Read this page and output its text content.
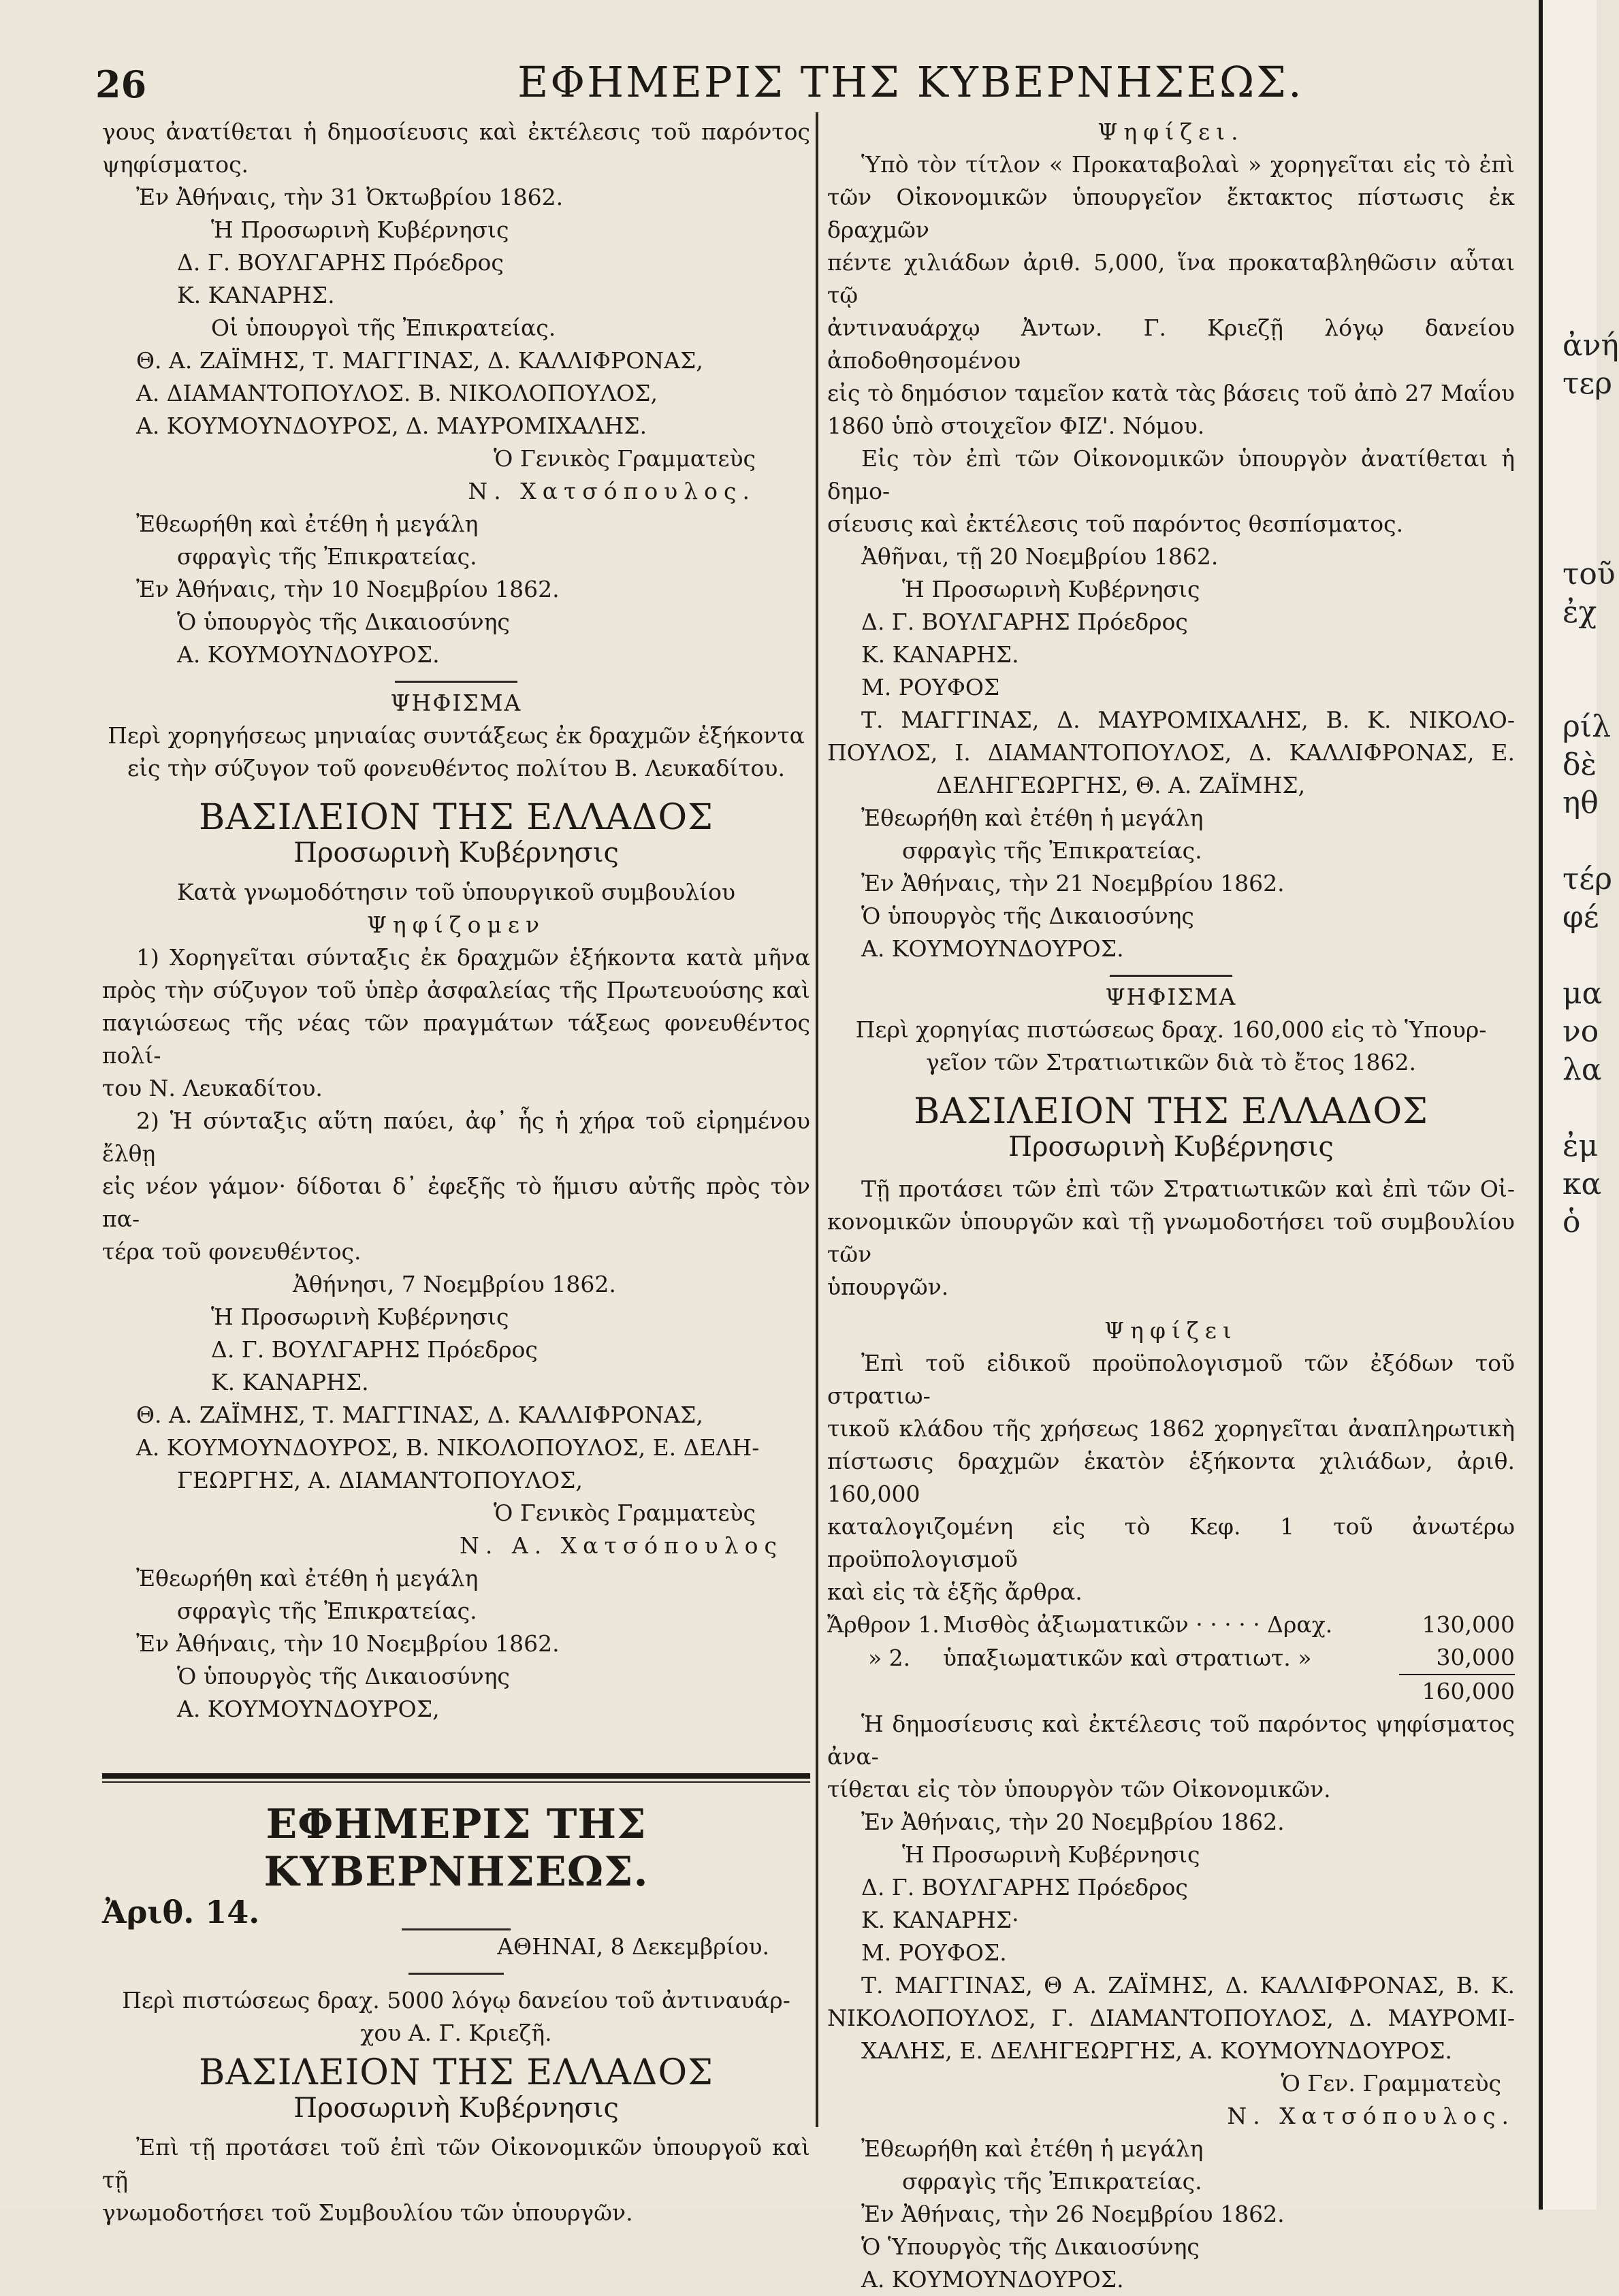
26	ΕΦΗΜΕΡΙΣ ΤΗΣ ΚΥΒΕΡΝΗΣΕΩΣ.

γους ἀνατίθεται ἡ δημοσίευσις καὶ ἐκτέλεσις τοῦ παρόντος

ψηφίσματος.

Ἐν Ἀθήναις, τὴν 31 Ὀκτωβρίου 1862.

Ἡ Προσωρινὴ Κυβέρνησις

Δ. Γ. ΒΟΥΛΓΑΡΗΣ Πρόεδρος

Κ. ΚΑΝΑΡΗΣ.

Οἱ ὑπουργοὶ τῆς Ἐπικρατείας.

Θ. Α. ΖΑΪΜΗΣ, Τ. ΜΑΓΓΙΝΑΣ, Δ. ΚΑΛΛΙΦΡΟΝΑΣ,

Α. ΔΙΑΜΑΝΤΟΠΟΥΛΟΣ. Β. ΝΙΚΟΛΟΠΟΥΛΟΣ,

Α. ΚΟΥΜΟΥΝΔΟΥΡΟΣ, Δ. ΜΑΥΡΟΜΙΧΑΛΗΣ.

Ὁ Γενικὸς Γραμματεὺς

Ν. Χατσόπουλος.

Ἐθεωρήθη καὶ ἐτέθη ἡ μεγάλη

σφραγὶς τῆς Ἐπικρατείας.

Ἐν Ἀθήναις, τὴν 10 Νοεμβρίου 1862.

Ὁ ὑπουργὸς τῆς Δικαιοσύνης

Α. ΚΟΥΜΟΥΝΔΟΥΡΟΣ.

ΨΗΦΙΣΜΑ

Περὶ χορηγήσεως μηνιαίας συντάξεως ἐκ δραχμῶν ἑξήκοντα

εἰς τὴν σύζυγον τοῦ φονευθέντος πολίτου Β. Λευκαδίτου.

ΒΑΣΙΛΕΙΟΝ ΤΗΣ ΕΛΛΑΔΟΣ
Προσωρινὴ Κυβέρνησις

Κατὰ γνωμοδότησιν τοῦ ὑπουργικοῦ συμβουλίου

Ψηφίζομεν

1) Χορηγεῖται σύνταξις ἐκ δραχμῶν ἑξήκοντα κατὰ μῆνα

πρὸς τὴν σύζυγον τοῦ ὑπὲρ ἀσφαλείας τῆς Πρωτευούσης καὶ

παγιώσεως τῆς νέας τῶν πραγμάτων τάξεως φονευθέντος πολί-

του Ν. Λευκαδίτου.

2) Ἡ σύνταξις αὕτη παύει, ἀφ᾽ ἧς ἡ χήρα τοῦ εἰρημένου ἔλθῃ

εἰς νέον γάμον· δίδοται δ᾽ ἐφεξῆς τὸ ἥμισυ αὐτῆς πρὸς τὸν πα-

τέρα τοῦ φονευθέντος.

Ἀθήνησι, 7 Νοεμβρίου 1862.

Ἡ Προσωρινὴ Κυβέρνησις

Δ. Γ. ΒΟΥΛΓΑΡΗΣ Πρόεδρος

Κ. ΚΑΝΑΡΗΣ.

Θ. Α. ΖΑΪΜΗΣ, Τ. ΜΑΓΓΙΝΑΣ, Δ. ΚΑΛΛΙΦΡΟΝΑΣ,

Α. ΚΟΥΜΟΥΝΔΟΥΡΟΣ, Β. ΝΙΚΟΛΟΠΟΥΛΟΣ, Ε. ΔΕΛΗ-

ΓΕΩΡΓΗΣ, Α. ΔΙΑΜΑΝΤΟΠΟΥΛΟΣ,

Ὁ Γενικὸς Γραμματεὺς

Ν. Α. Χατσόπουλος

Ἐθεωρήθη καὶ ἐτέθη ἡ μεγάλη

σφραγὶς τῆς Ἐπικρατείας.

Ἐν Ἀθήναις, τὴν 10 Νοεμβρίου 1862.

Ὁ ὑπουργὸς τῆς Δικαιοσύνης

Α. ΚΟΥΜΟΥΝΔΟΥΡΟΣ,

ΕΦΗΜΕΡΙΣ ΤΗΣ ΚΥΒΕΡΝΗΣΕΩΣ.
Ἀριθ. 14.

ΑΘΗΝΑΙ, 8 Δεκεμβρίου.

Περὶ πιστώσεως δραχ. 5000 λόγῳ δανείου τοῦ ἀντιναυάρ-

χου Α. Γ. Κριεζῆ.

ΒΑΣΙΛΕΙΟΝ ΤΗΣ ΕΛΛΑΔΟΣ
Προσωρινὴ Κυβέρνησις

Ἐπὶ τῇ προτάσει τοῦ ἐπὶ τῶν Οἰκονομικῶν ὑπουργοῦ καὶ τῇ

γνωμοδοτήσει τοῦ Συμβουλίου τῶν ὑπουργῶν.

Ψηφίζει.

Ὑπὸ τὸν τίτλον « Προκαταβολαὶ » χορηγεῖται εἰς τὸ ἐπὶ

τῶν Οἰκονομικῶν ὑπουργεῖον ἔκτακτος πίστωσις ἐκ δραχμῶν

πέντε χιλιάδων ἀριθ. 5,000, ἵνα προκαταβληθῶσιν αὗται τῷ

ἀντιναυάρχῳ Ἀντων. Γ. Κριεζῇ λόγῳ δανείου ἀποδοθησομένου

εἰς τὸ δημόσιον ταμεῖον κατὰ τὰς βάσεις τοῦ ἀπὸ 27 Μαΐου

1860 ὑπὸ στοιχεῖον ΦΙΖ'. Νόμου.

Εἰς τὸν ἐπὶ τῶν Οἰκονομικῶν ὑπουργὸν ἀνατίθεται ἡ δημο-

σίευσις καὶ ἐκτέλεσις τοῦ παρόντος θεσπίσματος.

Ἀθῆναι, τῇ 20 Νοεμβρίου 1862.

Ἡ Προσωρινὴ Κυβέρνησις

Δ. Γ. ΒΟΥΛΓΑΡΗΣ Πρόεδρος

Κ. ΚΑΝΑΡΗΣ.

Μ. ΡΟΥΦΟΣ

Τ. ΜΑΓΓΙΝΑΣ, Δ. ΜΑΥΡΟΜΙΧΑΛΗΣ, Β. Κ. ΝΙΚΟΛΟ-

ΠΟΥΛΟΣ, Ι. ΔΙΑΜΑΝΤΟΠΟΥΛΟΣ, Δ. ΚΑΛΛΙΦΡΟΝΑΣ, Ε.

ΔΕΛΗΓΕΩΡΓΗΣ, Θ. Α. ΖΑΪΜΗΣ,

Ἐθεωρήθη καὶ ἐτέθη ἡ μεγάλη

σφραγὶς τῆς Ἐπικρατείας.

Ἐν Ἀθήναις, τὴν 21 Νοεμβρίου 1862.

Ὁ ὑπουργὸς τῆς Δικαιοσύνης

Α. ΚΟΥΜΟΥΝΔΟΥΡΟΣ.

ΨΗΦΙΣΜΑ

Περὶ χορηγίας πιστώσεως δραχ. 160,000 εἰς τὸ Ὑπουρ-

γεῖον τῶν Στρατιωτικῶν διὰ τὸ ἔτος 1862.

ΒΑΣΙΛΕΙΟΝ ΤΗΣ ΕΛΛΑΔΟΣ
Προσωρινὴ Κυβέρνησις

Τῇ προτάσει τῶν ἐπὶ τῶν Στρατιωτικῶν καὶ ἐπὶ τῶν Οἰ-

κονομικῶν ὑπουργῶν καὶ τῇ γνωμοδοτήσει τοῦ συμβουλίου τῶν

ὑπουργῶν.

Ψηφίζει

Ἐπὶ τοῦ εἰδικοῦ προϋπολογισμοῦ τῶν ἐξόδων τοῦ στρατιω-

τικοῦ κλάδου τῆς χρήσεως 1862 χορηγεῖται ἀναπληρωτικὴ

πίστωσις δραχμῶν ἑκατὸν ἑξήκοντα χιλιάδων, ἀριθ. 160,000

καταλογιζομένη εἰς τὸ Κεφ. 1 τοῦ ἀνωτέρω προϋπολογισμοῦ

καὶ εἰς τὰ ἑξῆς ἄρθρα.

Ἄρθρον 1.	Μισθὸς ἀξιωματικῶν · · · · · Δραχ.	130,000
» 2.	ὑπαξιωματικῶν καὶ στρατιωτ. »	30,000
		160,000

Ἡ δημοσίευσις καὶ ἐκτέλεσις τοῦ παρόντος ψηφίσματος ἀνα-

τίθεται εἰς τὸν ὑπουργὸν τῶν Οἰκονομικῶν.

Ἐν Ἀθήναις, τὴν 20 Νοεμβρίου 1862.

Ἡ Προσωρινὴ Κυβέρνησις

Δ. Γ. ΒΟΥΛΓΑΡΗΣ Πρόεδρος

Κ. ΚΑΝΑΡΗΣ·

Μ. ΡΟΥΦΟΣ.

Τ. ΜΑΓΓΙΝΑΣ, Θ Α. ΖΑΪΜΗΣ, Δ. ΚΑΛΛΙΦΡΟΝΑΣ, Β. Κ.

ΝΙΚΟΛΟΠΟΥΛΟΣ, Γ. ΔΙΑΜΑΝΤΟΠΟΥΛΟΣ, Δ. ΜΑΥΡΟΜΙ-

ΧΑΛΗΣ, Ε. ΔΕΛΗΓΕΩΡΓΗΣ, Α. ΚΟΥΜΟΥΝΔΟΥΡΟΣ.

Ὁ Γεν. Γραμματεὺς

Ν. Χατσόπουλος.

Ἐθεωρήθη καὶ ἐτέθη ἡ μεγάλη

σφραγὶς τῆς Ἐπικρατείας.

Ἐν Ἀθήναις, τὴν 26 Νοεμβρίου 1862.

Ὁ Ὑπουργὸς τῆς Δικαιοσύνης

Α. ΚΟΥΜΟΥΝΔΟΥΡΟΣ.

ἀνή
τερ
τοῦ
ἐχ
ρίλ
δὲ
ηθ
τέρ
φέ
μα
νο
λα
ἐμ
κα
ὁ
